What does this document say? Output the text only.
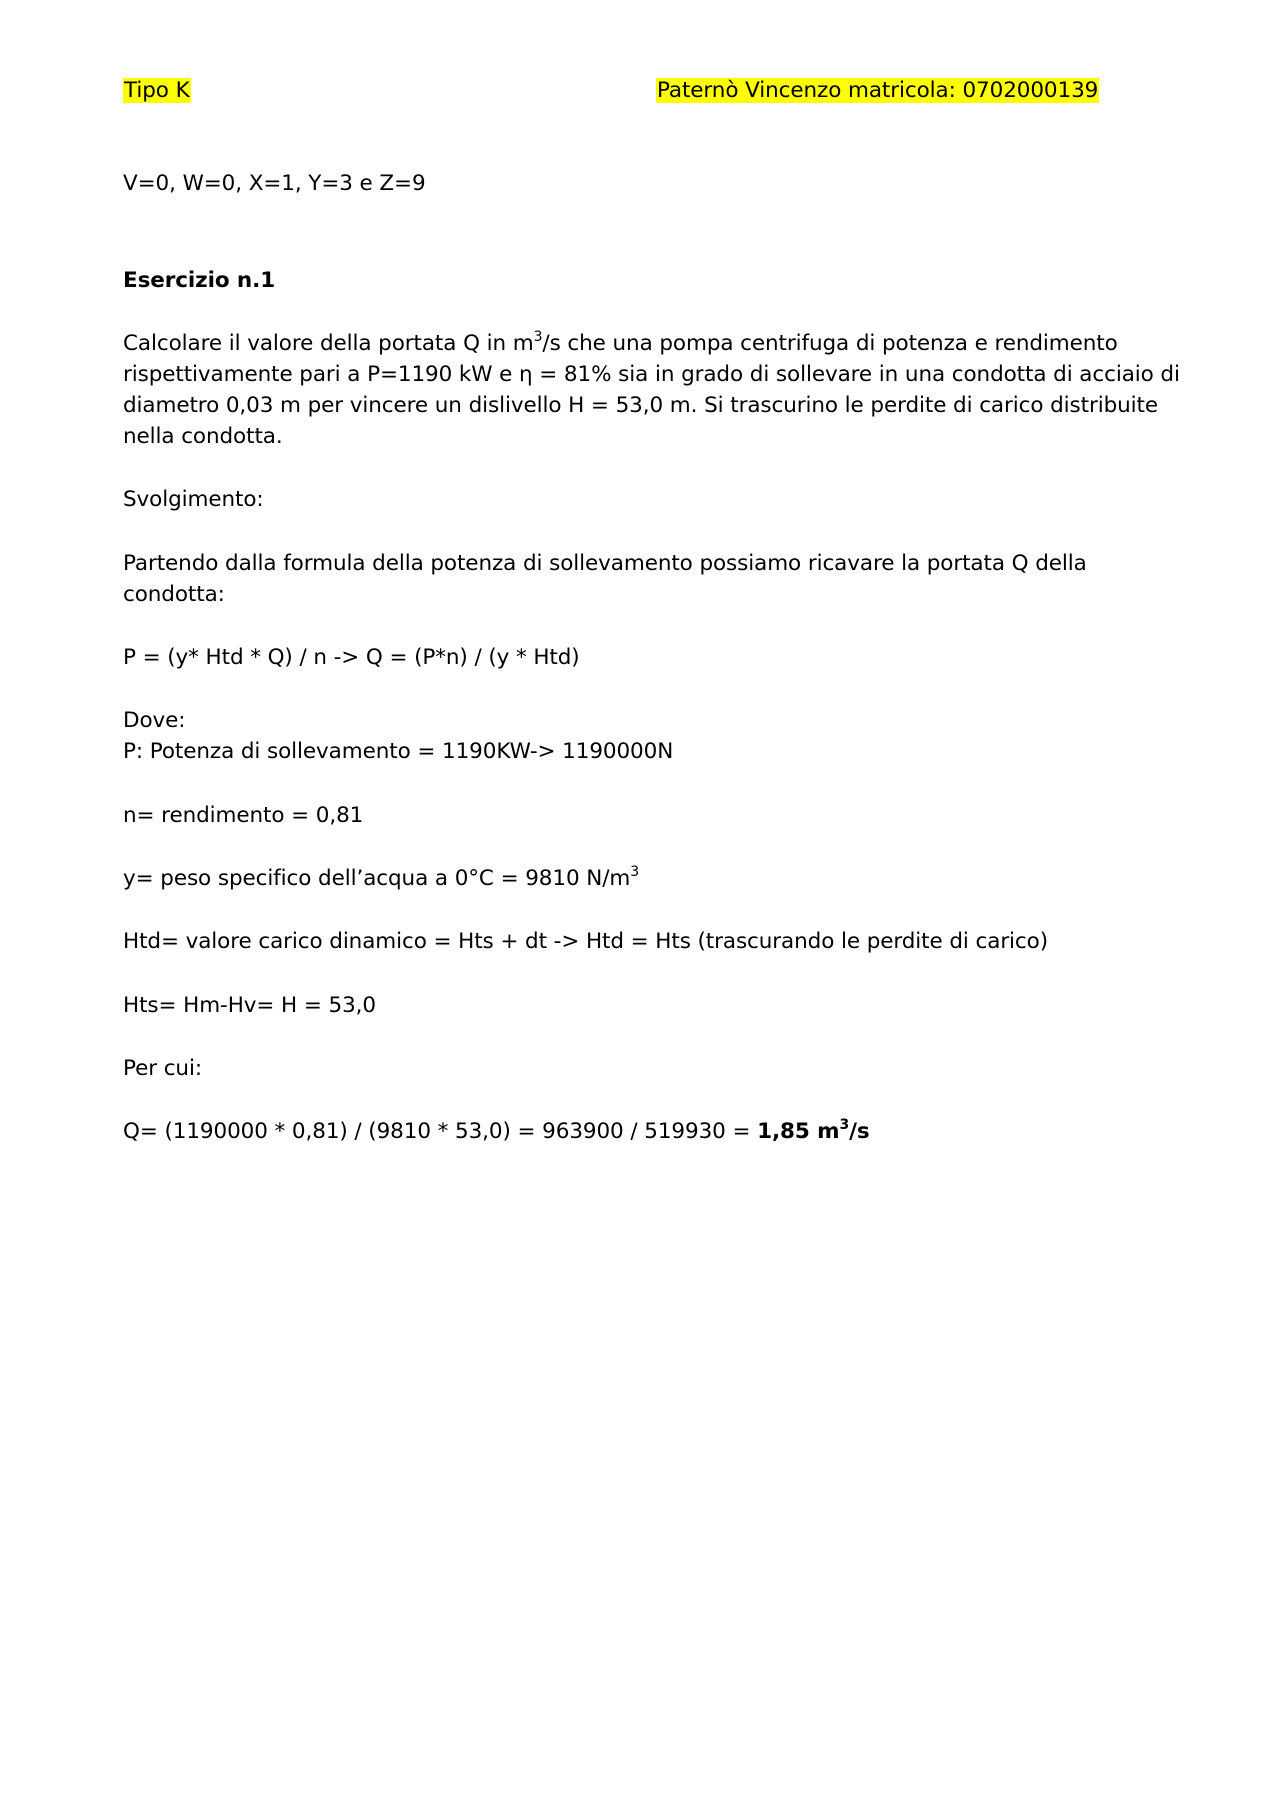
Tipo K	Paternò Vincenzo matricola: 0702000139
V=0, W=0, X=1, Y=3 e Z=9
Esercizio n.1
Calcolare il valore della portata Q in $m^3/s$ che una pompa centrifuga di potenza e rendimento
rispettivamente pari a P=1190 kW e η = 81% sia in grado di sollevare in una condotta di acciaio di
diametro 0,03 m per vincere un dislivello H = 53,0 m. Si trascurino le perdite di carico distribuite
nella condotta.
Svolgimento:
Partendo dalla formula della potenza di sollevamento possiamo ricavare la portata Q della
condotta:
P = (y* Htd * Q) / n -> Q = (P*n) / (y * Htd)
Dove:
P: Potenza di sollevamento = 1190KW-> 1190000N
n= rendimento = 0,81
y= peso specifico dell’acqua a 0°C = 9810 $N/m^3$
Htd= valore carico dinamico = Hts + dt -> Htd = Hts (trascurando le perdite di carico)
Hts= Hm-Hv= H = 53,0
Per cui:
Q= (1190000 * 0,81) / (9810 * 53,0) = 963900 / 519930 = 1,85 $m^3/s$
